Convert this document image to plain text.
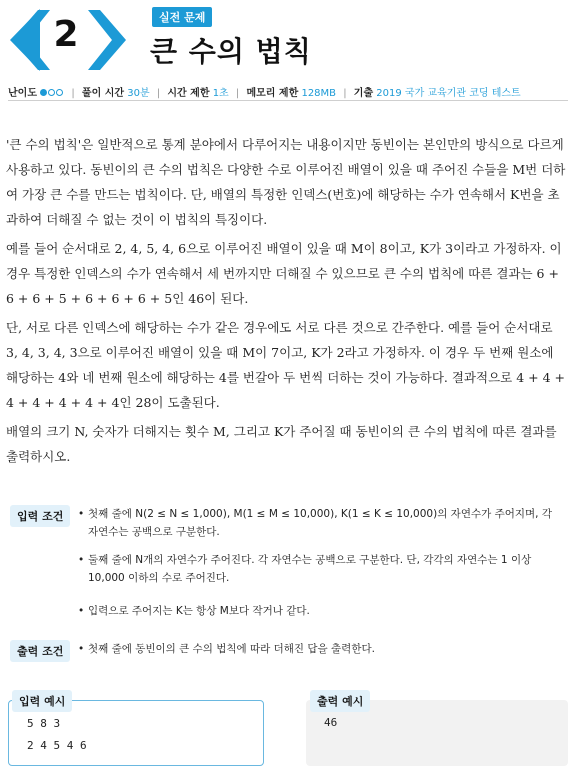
2	실전 문제
큰 수의 법칙
난이도	| 풀이 시간 30분 | 시간 제한 1초 | 메모리 제한 128MB | 기출 2019 국가 교육기관 코딩 테스트

'큰 수의 법칙'은 일반적으로 통계 분야에서 다루어지는 내용이지만 동빈이는 본인만의 방식으로 다르게 사용하고 있다. 동빈이의 큰 수의 법칙은 다양한 수로 이루어진 배열이 있을 때 주어진 수들을 M번 더하여 가장 큰 수를 만드는 법칙이다. 단, 배열의 특정한 인덱스(번호)에 해당하는 수가 연속해서 K번을 초과하여 더해질 수 없는 것이 이 법칙의 특징이다.

예를 들어 순서대로 2, 4, 5, 4, 6으로 이루어진 배열이 있을 때 M이 8이고, K가 3이라고 가정하자. 이 경우 특정한 인덱스의 수가 연속해서 세 번까지만 더해질 수 있으므로 큰 수의 법칙에 따른 결과는 6 + 6 + 6 + 5 + 6 + 6 + 6 + 5인 46이 된다.

단, 서로 다른 인덱스에 해당하는 수가 같은 경우에도 서로 다른 것으로 간주한다. 예를 들어 순서대로 3, 4, 3, 4, 3으로 이루어진 배열이 있을 때 M이 7이고, K가 2라고 가정하자. 이 경우 두 번째 원소에 해당하는 4와 네 번째 원소에 해당하는 4를 번갈아 두 번씩 더하는 것이 가능하다. 결과적으로 4 + 4 + 4 + 4 + 4 + 4 + 4인 28이 도출된다.

배열의 크기 N, 숫자가 더해지는 횟수 M, 그리고 K가 주어질 때 동빈이의 큰 수의 법칙에 따른 결과를 출력하시오.

입력 조건	• 첫째 줄에 N(2 ≤ N ≤ 1,000), M(1 ≤ M ≤ 10,000), K(1 ≤ K ≤ 10,000)의 자연수가 주어지며, 각 자연수는 공백으로 구분한다.
• 둘째 줄에 N개의 자연수가 주어진다. 각 자연수는 공백으로 구분한다. 단, 각각의 자연수는 1 이상 10,000 이하의 수로 주어진다.
• 입력으로 주어지는 K는 항상 M보다 작거나 같다.
출력 조건	• 첫째 줄에 동빈이의 큰 수의 법칙에 따라 더해진 답을 출력한다.
5 8 3
2 4 5 4 6
입력 예시
46
출력 예시
